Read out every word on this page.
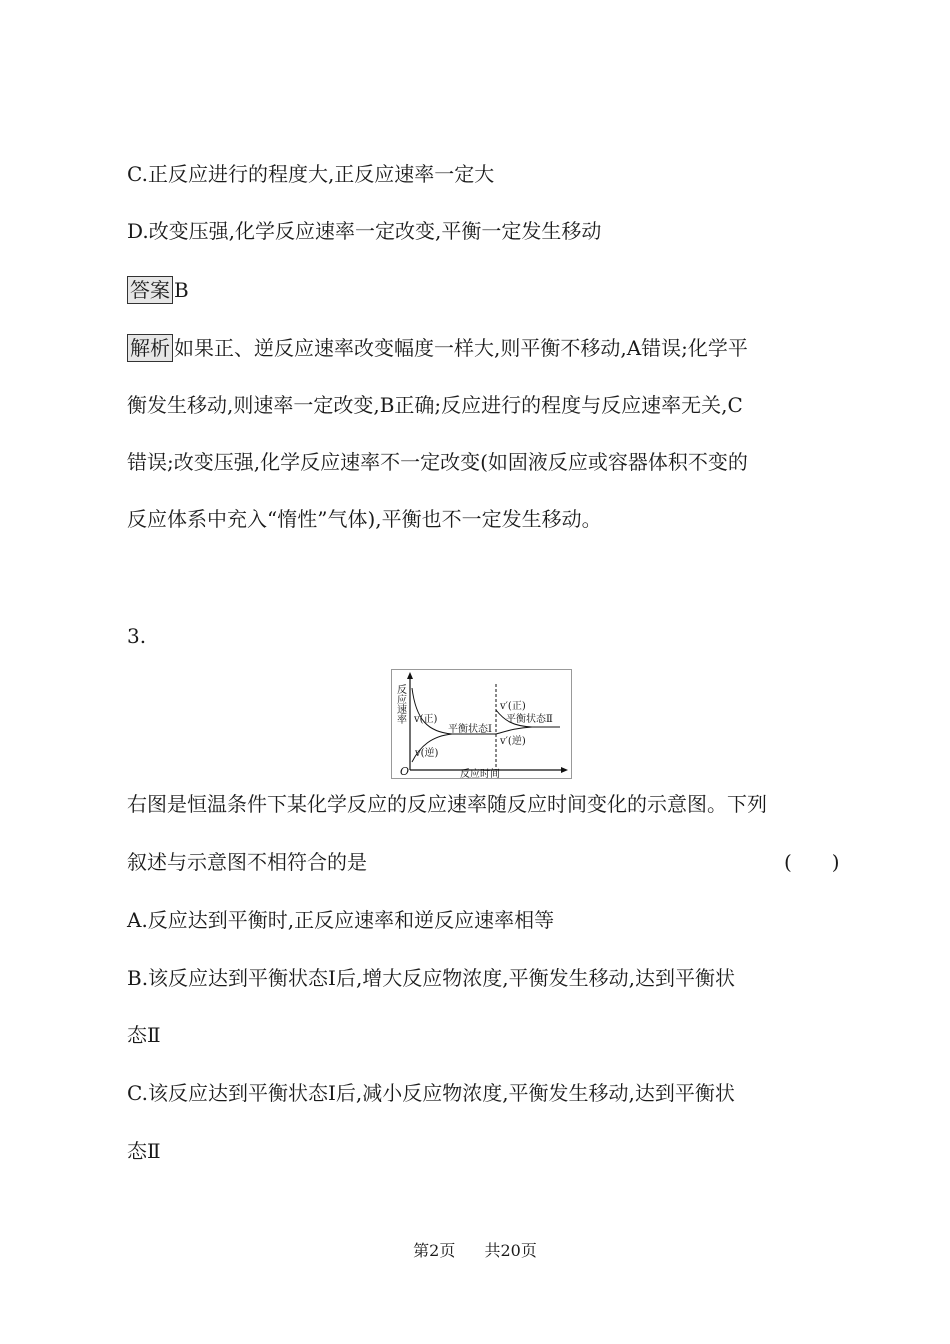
C.正反应进行的程度大,正反应速率一定大
D.改变压强,化学反应速率一定改变,平衡一定发生移动
答案 B
解析 如果正、逆反应速率改变幅度一样大,则平衡不移动,A错误;化学平
衡发生移动,则速率一定改变,B正确;反应进行的程度与反应速率无关,C
错误;改变压强,化学反应速率不一定改变(如固液反应或容器体积不变的
反应体系中充入“惰性”气体),平衡也不一定发生移动。
3.
反应速率
O	反应时间
v(正)
v(逆)
平衡状态Ⅰ
v′(正)
v′(逆)
平衡状态Ⅱ
右图是恒温条件下某化学反应的反应速率随反应时间变化的示意图。下列
叙述与示意图不相符合的是	(　　)
A.反应达到平衡时,正反应速率和逆反应速率相等
B.该反应达到平衡状态Ⅰ后,增大反应物浓度,平衡发生移动,达到平衡状
态Ⅱ
C.该反应达到平衡状态Ⅰ后,减小反应物浓度,平衡发生移动,达到平衡状
态Ⅱ
第2页 共20页
